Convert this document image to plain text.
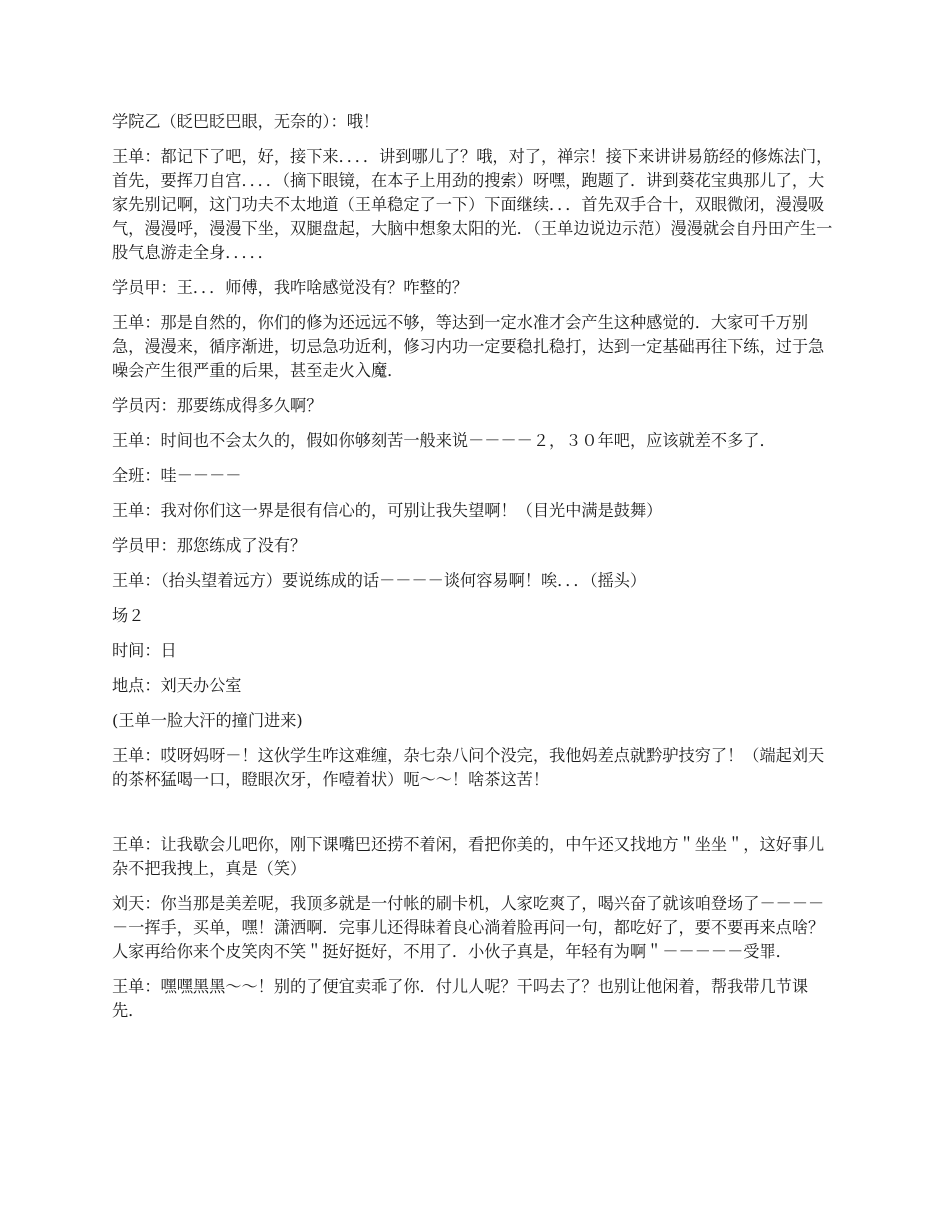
学院乙（眨巴眨巴眼，无奈的）：哦！

王单：都记下了吧，好，接下来．．．．讲到哪儿了？哦，对了，禅宗！接下来讲讲易筋经的修炼法门，首先，要挥刀自宫．．．．（摘下眼镜，在本子上用劲的搜索）呀嘿，跑题了．讲到葵花宝典那儿了，大家先别记啊，这门功夫不太地道（王单稳定了一下）下面继续．．．首先双手合十，双眼微闭，漫漫吸气，漫漫呼，漫漫下坐，双腿盘起，大脑中想象太阳的光．（王单边说边示范）漫漫就会自丹田产生一股气息游走全身．．．．．

学员甲：王．．．师傅，我咋啥感觉没有？咋整的？

王单：那是自然的，你们的修为还远远不够，等达到一定水准才会产生这种感觉的．大家可千万别急，漫漫来，循序渐进，切忌急功近利，修习内功一定要稳扎稳打，达到一定基础再往下练，过于急噪会产生很严重的后果，甚至走火入魔．

学员丙：那要练成得多久啊？

王单：时间也不会太久的，假如你够刻苦一般来说－－－－２，３０年吧，应该就差不多了．

全班：哇－－－－

王单：我对你们这一界是很有信心的，可别让我失望啊！（目光中满是鼓舞）

学员甲：那您练成了没有？

王单：（抬头望着远方）要说练成的话－－－－谈何容易啊！唉．．．（摇头）

场２

时间：日

地点：刘天办公室

(王单一脸大汗的撞门进来)

王单：哎呀妈呀－！这伙学生咋这难缠，杂七杂八问个没完，我他妈差点就黔驴技穷了！（端起刘天的茶杯猛喝一口，瞪眼次牙，作噎着状）呃～～！啥茶这苦！

王单：让我歇会儿吧你，刚下课嘴巴还捞不着闲，看把你美的，中午还又找地方＂坐坐＂，这好事儿杂不把我拽上，真是（笑）

刘天：你当那是美差呢，我顶多就是一付帐的刷卡机，人家吃爽了，喝兴奋了就该咱登场了－－－－－一挥手，买单，嘿！潇洒啊．完事儿还得昧着良心淌着脸再问一句，都吃好了，要不要再来点啥？人家再给你来个皮笑肉不笑＂挺好挺好，不用了．小伙子真是，年轻有为啊＂－－－－－受罪．

王单：嘿嘿黑黑～～！别的了便宜卖乖了你．付儿人呢？干吗去了？也别让他闲着，帮我带几节课先．
